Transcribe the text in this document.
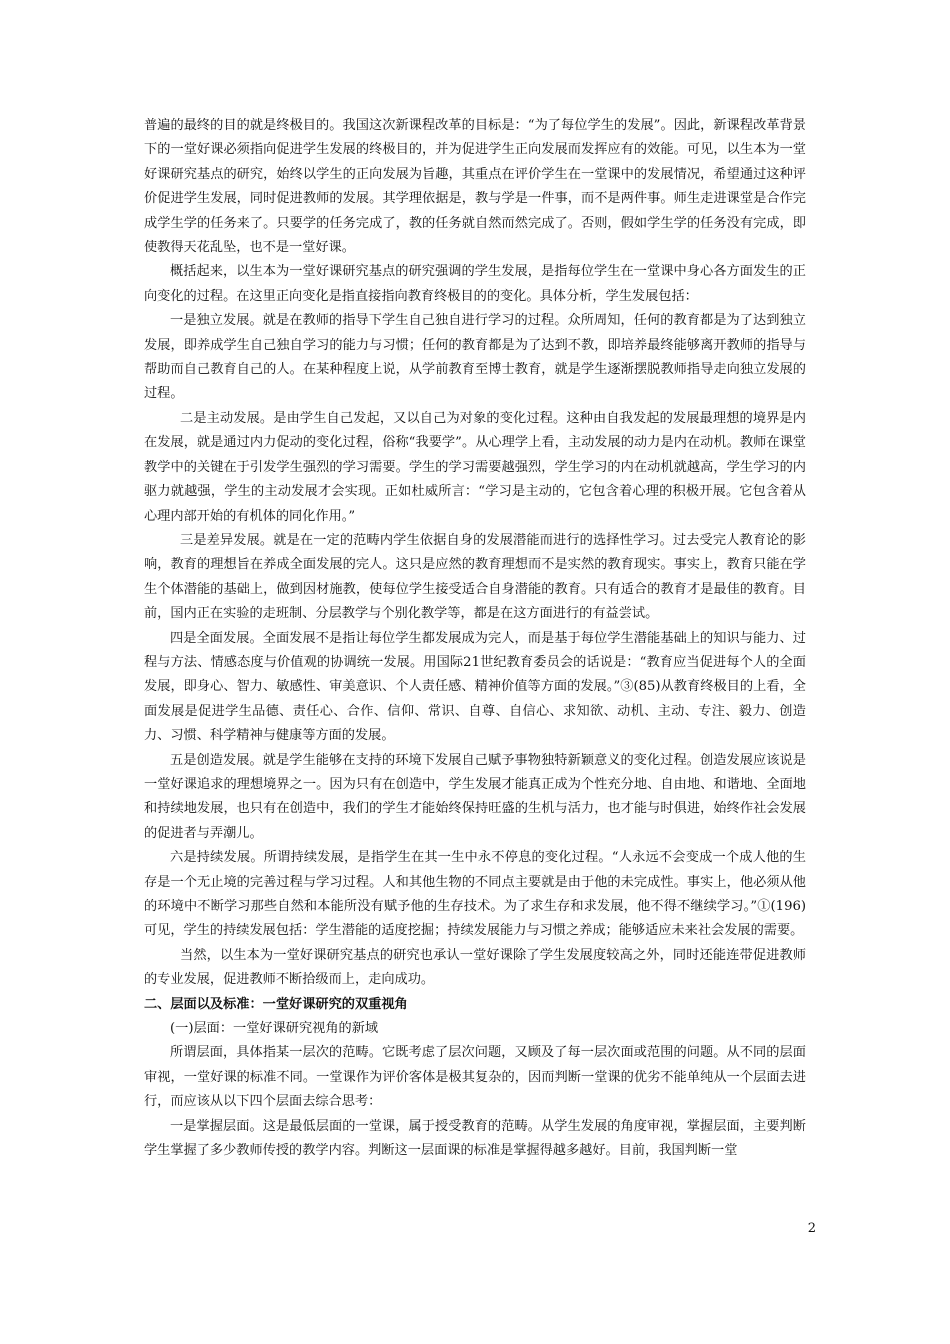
普遍的最终的目的就是终极目的。我国这次新课程改革的目标是：“为了每位学生的发展”。因此，新课程改革背景下的一堂好课必须指向促进学生发展的终极目的，并为促进学生正向发展而发挥应有的效能。可见，以生本为一堂好课研究基点的研究，始终以学生的正向发展为旨趣，其重点在评价学生在一堂课中的发展情况，希望通过这种评价促进学生发展，同时促进教师的发展。其学理依据是，教与学是一件事，而不是两件事。师生走进课堂是合作完成学生学的任务来了。只要学的任务完成了，教的任务就自然而然完成了。否则，假如学生学的任务没有完成，即使教得天花乱坠，也不是一堂好课。

概括起来，以生本为一堂好课研究基点的研究强调的学生发展，是指每位学生在一堂课中身心各方面发生的正向变化的过程。在这里正向变化是指直接指向教育终极目的的变化。具体分析，学生发展包括：

一是独立发展。就是在教师的指导下学生自己独自进行学习的过程。众所周知，任何的教育都是为了达到独立发展，即养成学生自己独自学习的能力与习惯；任何的教育都是为了达到不教，即培养最终能够离开教师的指导与帮助而自己教育自己的人。在某种程度上说，从学前教育至博士教育，就是学生逐渐摆脱教师指导走向独立发展的过程。

二是主动发展。是由学生自己发起，又以自己为对象的变化过程。这种由自我发起的发展最理想的境界是内在发展，就是通过内力促动的变化过程，俗称“我要学”。从心理学上看，主动发展的动力是内在动机。教师在课堂教学中的关键在于引发学生强烈的学习需要。学生的学习需要越强烈，学生学习的内在动机就越高，学生学习的内驱力就越强，学生的主动发展才会实现。正如杜威所言：“学习是主动的，它包含着心理的积极开展。它包含着从心理内部开始的有机体的同化作用。”

三是差异发展。就是在一定的范畴内学生依据自身的发展潜能而进行的选择性学习。过去受完人教育论的影响，教育的理想旨在养成全面发展的完人。这只是应然的教育理想而不是实然的教育现实。事实上，教育只能在学生个体潜能的基础上，做到因材施教，使每位学生接受适合自身潜能的教育。只有适合的教育才是最佳的教育。目前，国内正在实验的走班制、分层教学与个别化教学等，都是在这方面进行的有益尝试。

四是全面发展。全面发展不是指让每位学生都发展成为完人，而是基于每位学生潜能基础上的知识与能力、过程与方法、情感态度与价值观的协调统一发展。用国际21世纪教育委员会的话说是：“教育应当促进每个人的全面发展，即身心、智力、敏感性、审美意识、个人责任感、精神价值等方面的发展。”③(85)从教育终极目的上看，全面发展是促进学生品德、责任心、合作、信仰、常识、自尊、自信心、求知欲、动机、主动、专注、毅力、创造力、习惯、科学精神与健康等方面的发展。

五是创造发展。就是学生能够在支持的环境下发展自己赋予事物独特新颖意义的变化过程。创造发展应该说是一堂好课追求的理想境界之一。因为只有在创造中，学生发展才能真正成为个性充分地、自由地、和谐地、全面地和持续地发展，也只有在创造中，我们的学生才能始终保持旺盛的生机与活力，也才能与时俱进，始终作社会发展的促进者与弄潮儿。

六是持续发展。所谓持续发展，是指学生在其一生中永不停息的变化过程。“人永远不会变成一个成人他的生存是一个无止境的完善过程与学习过程。人和其他生物的不同点主要就是由于他的未完成性。事实上，他必须从他的环境中不断学习那些自然和本能所没有赋予他的生存技术。为了求生存和求发展，他不得不继续学习。”①(196)可见，学生的持续发展包括：学生潜能的适度挖掘；持续发展能力与习惯之养成；能够适应未来社会发展的需要。

当然，以生本为一堂好课研究基点的研究也承认一堂好课除了学生发展度较高之外，同时还能连带促进教师的专业发展，促进教师不断拾级而上，走向成功。

二、层面以及标准：一堂好课研究的双重视角

(一)层面：一堂好课研究视角的新域

所谓层面，具体指某一层次的范畴。它既考虑了层次问题，又顾及了每一层次面或范围的问题。从不同的层面审视，一堂好课的标准不同。一堂课作为评价客体是极其复杂的，因而判断一堂课的优劣不能单纯从一个层面去进行，而应该从以下四个层面去综合思考：

一是掌握层面。这是最低层面的一堂课，属于授受教育的范畴。从学生发展的角度审视，掌握层面，主要判断学生掌握了多少教师传授的教学内容。判断这一层面课的标准是掌握得越多越好。目前，我国判断一堂

2
